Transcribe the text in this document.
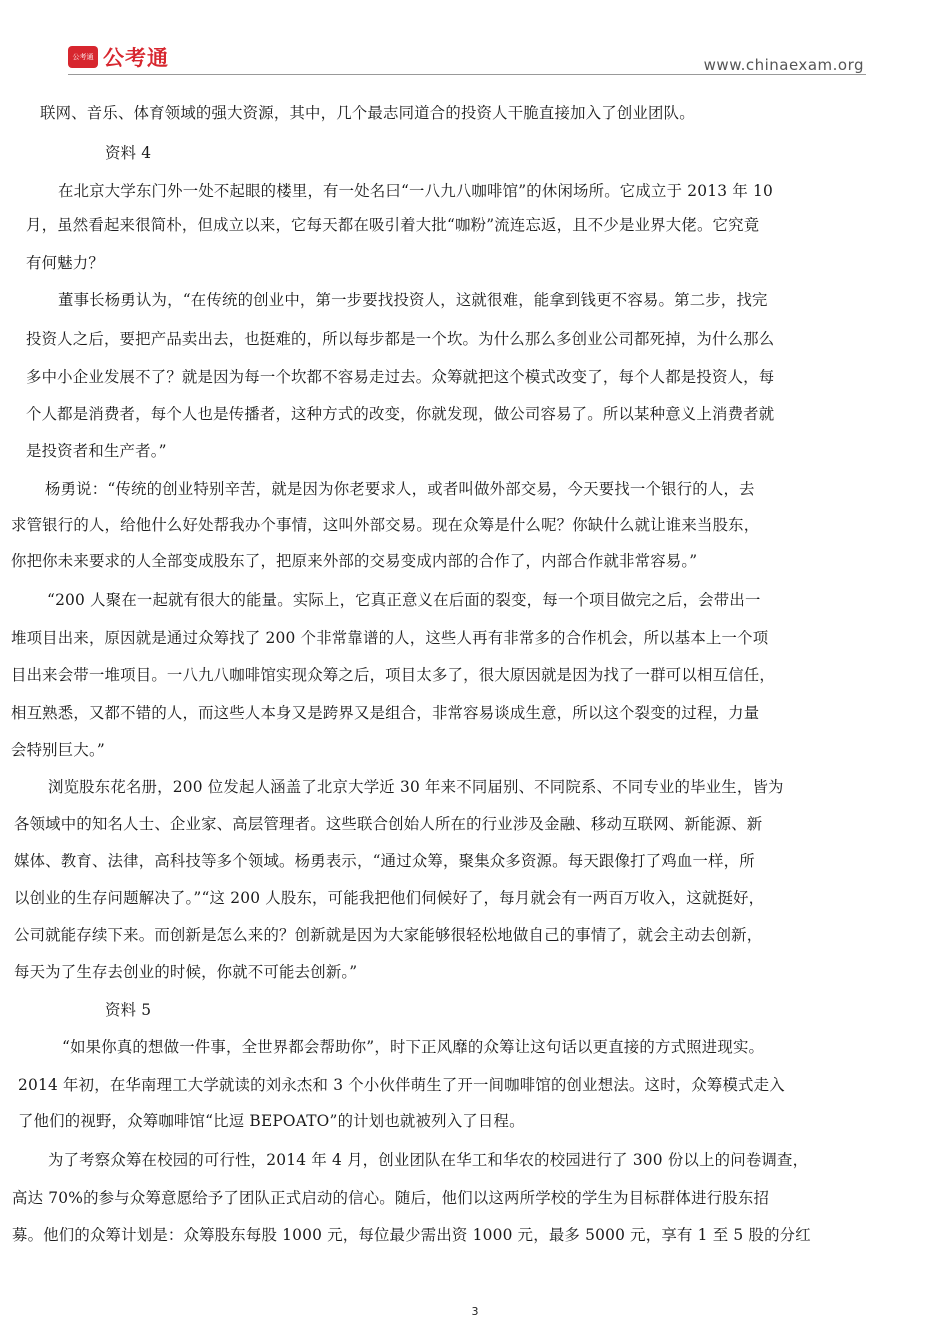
公考通 公考通	www.chinaexam.org
联网、音乐、体育领域的强大资源，其中，几个最志同道合的投资人干脆直接加入了创业团队。
资料 4
在北京大学东门外一处不起眼的楼里，有一处名曰“一八九八咖啡馆”的休闲场所。它成立于 2013 年 10
月，虽然看起来很简朴，但成立以来，它每天都在吸引着大批“咖粉”流连忘返，且不少是业界大佬。它究竟
有何魅力？
董事长杨勇认为，“在传统的创业中，第一步要找投资人，这就很难，能拿到钱更不容易。第二步，找完
投资人之后，要把产品卖出去，也挺难的，所以每步都是一个坎。为什么那么多创业公司都死掉，为什么那么
多中小企业发展不了？就是因为每一个坎都不容易走过去。众筹就把这个模式改变了，每个人都是投资人，每
个人都是消费者，每个人也是传播者，这种方式的改变，你就发现，做公司容易了。所以某种意义上消费者就
是投资者和生产者。”
杨勇说：“传统的创业特别辛苦，就是因为你老要求人，或者叫做外部交易，今天要找一个银行的人，去
求管银行的人，给他什么好处帮我办个事情，这叫外部交易。现在众筹是什么呢？你缺什么就让谁来当股东，
你把你未来要求的人全部变成股东了，把原来外部的交易变成内部的合作了，内部合作就非常容易。”
“200 人聚在一起就有很大的能量。实际上，它真正意义在后面的裂变，每一个项目做完之后，会带出一
堆项目出来，原因就是通过众筹找了 200 个非常靠谱的人，这些人再有非常多的合作机会，所以基本上一个项
目出来会带一堆项目。一八九八咖啡馆实现众筹之后，项目太多了，很大原因就是因为找了一群可以相互信任，
相互熟悉，又都不错的人，而这些人本身又是跨界又是组合，非常容易谈成生意，所以这个裂变的过程，力量
会特别巨大。”
浏览股东花名册，200 位发起人涵盖了北京大学近 30 年来不同届别、不同院系、不同专业的毕业生，皆为
各领域中的知名人士、企业家、高层管理者。这些联合创始人所在的行业涉及金融、移动互联网、新能源、新
媒体、教育、法律，高科技等多个领域。杨勇表示，“通过众筹，聚集众多资源。每天跟像打了鸡血一样，所
以创业的生存问题解决了。”“这 200 人股东，可能我把他们伺候好了，每月就会有一两百万收入，这就挺好，
公司就能存续下来。而创新是怎么来的？创新就是因为大家能够很轻松地做自己的事情了，就会主动去创新，
每天为了生存去创业的时候，你就不可能去创新。”
资料 5
“如果你真的想做一件事，全世界都会帮助你”，时下正风靡的众筹让这句话以更直接的方式照进现实。
2014 年初，在华南理工大学就读的刘永杰和 3 个小伙伴萌生了开一间咖啡馆的创业想法。这时，众筹模式走入
了他们的视野，众筹咖啡馆“比逗 BEPOATO”的计划也就被列入了日程。
为了考察众筹在校园的可行性，2014 年 4 月，创业团队在华工和华农的校园进行了 300 份以上的问卷调查，
高达 70%的参与众筹意愿给予了团队正式启动的信心。随后，他们以这两所学校的学生为目标群体进行股东招
募。他们的众筹计划是：众筹股东每股 1000 元，每位最少需出资 1000 元，最多 5000 元，享有 1 至 5 股的分红
3
